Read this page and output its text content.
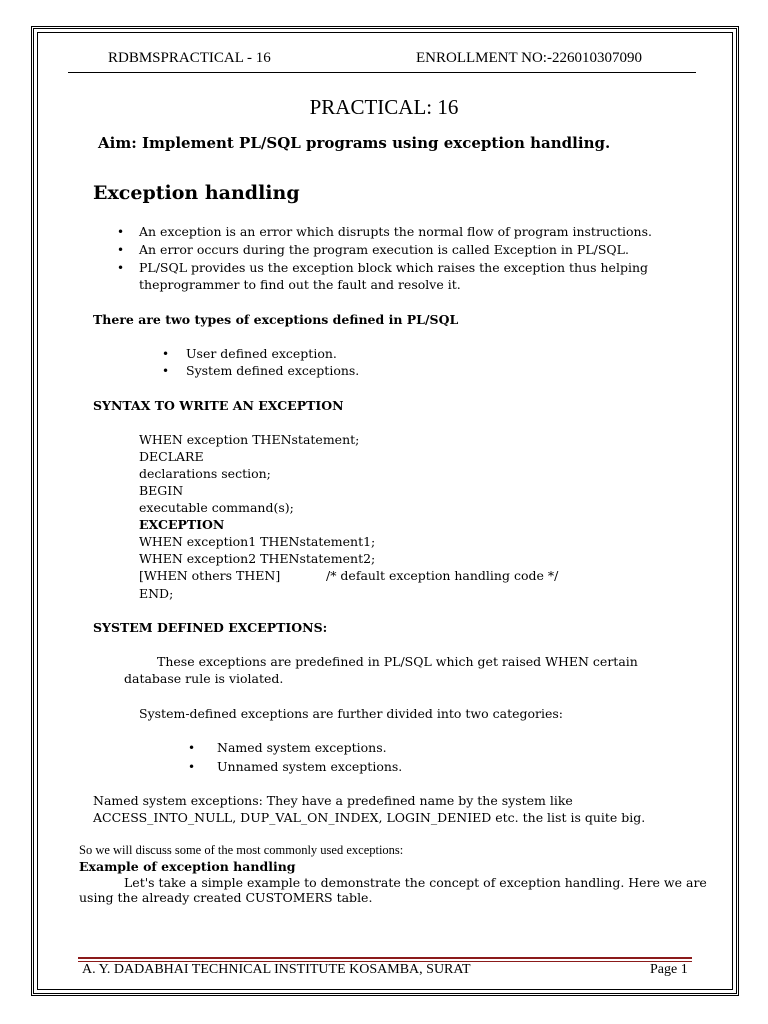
RDBMSPRACTICAL - 16	ENROLLMENT NO:-226010307090
PRACTICAL: 16
Aim: Implement PL/SQL programs using exception handling.
Exception handling
• An exception is an error which disrupts the normal flow of program instructions.
• An error occurs during the program execution is called Exception in PL/SQL.
• PL/SQL provides us the exception block which raises the exception thus helping
theprogrammer to find out the fault and resolve it.
There are two types of exceptions defined in PL/SQL
• User defined exception.
• System defined exceptions.
SYNTAX TO WRITE AN EXCEPTION
WHEN exception THENstatement;
DECLARE
declarations section;
BEGIN
executable command(s);
EXCEPTION
WHEN exception1 THENstatement1;
WHEN exception2 THENstatement2;
[WHEN others THEN]	/* default exception handling code */
END;
SYSTEM DEFINED EXCEPTIONS:
These exceptions are predefined in PL/SQL which get raised WHEN certain
database rule is violated.
System-defined exceptions are further divided into two categories:
• Named system exceptions.
• Unnamed system exceptions.
Named system exceptions: They have a predefined name by the system like
ACCESS_INTO_NULL, DUP_VAL_ON_INDEX, LOGIN_DENIED etc. the list is quite big.
So we will discuss some of the most commonly used exceptions:
Example of exception handling
Let's take a simple example to demonstrate the concept of exception handling. Here we are
using the already created CUSTOMERS table.
A. Y. DADABHAI TECHNICAL INSTITUTE KOSAMBA, SURAT	Page 1
